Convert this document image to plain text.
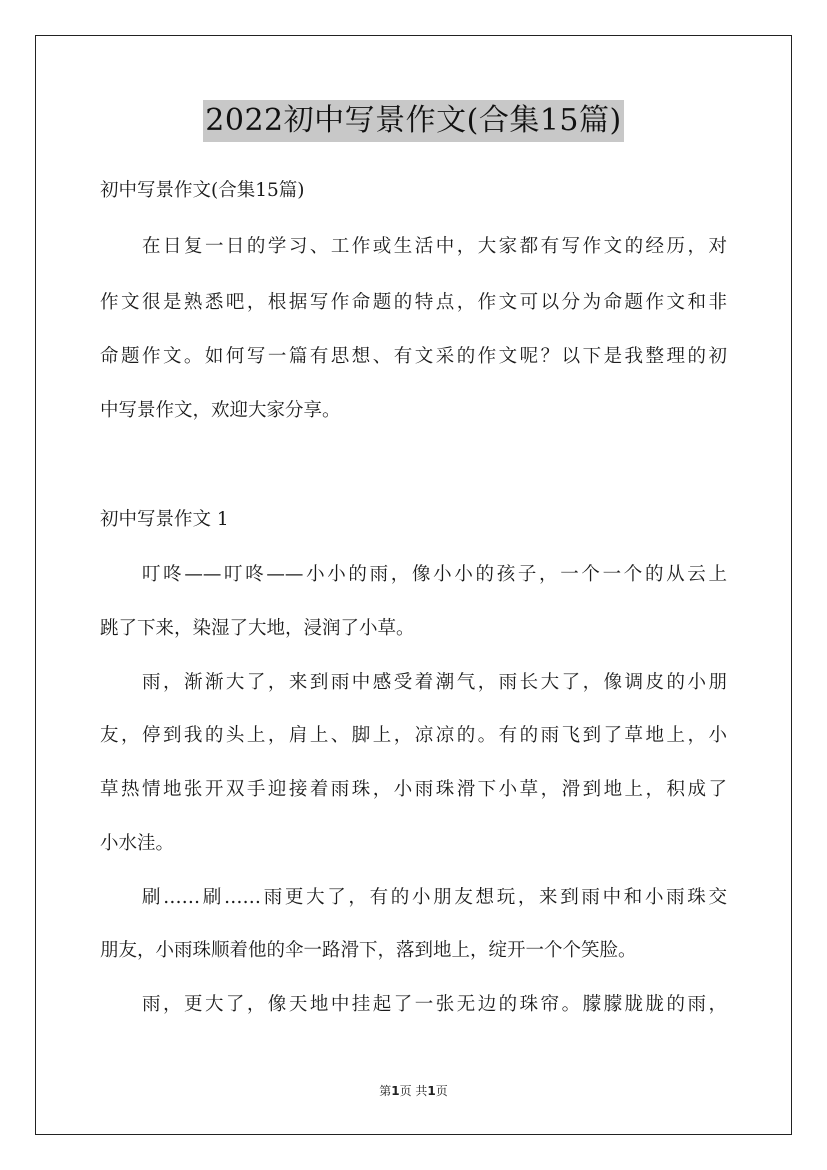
2022初中写景作文(合集15篇)
初中写景作文(合集15篇)
在日复一日的学习、工作或生活中，大家都有写作文的经历，对
作文很是熟悉吧，根据写作命题的特点，作文可以分为命题作文和非
命题作文。如何写一篇有思想、有文采的作文呢？以下是我整理的初
中写景作文，欢迎大家分享。
初中写景作文 1
叮咚——叮咚——小小的雨，像小小的孩子，一个一个的从云上
跳了下来，染湿了大地，浸润了小草。
雨，渐渐大了，来到雨中感受着潮气，雨长大了，像调皮的小朋
友，停到我的头上，肩上、脚上，凉凉的。有的雨飞到了草地上，小
草热情地张开双手迎接着雨珠，小雨珠滑下小草，滑到地上，积成了
小水洼。
刷……刷……雨更大了，有的小朋友想玩，来到雨中和小雨珠交
朋友，小雨珠顺着他的伞一路滑下，落到地上，绽开一个个笑脸。
雨，更大了，像天地中挂起了一张无边的珠帘。朦朦胧胧的雨，
第1页 共1页
